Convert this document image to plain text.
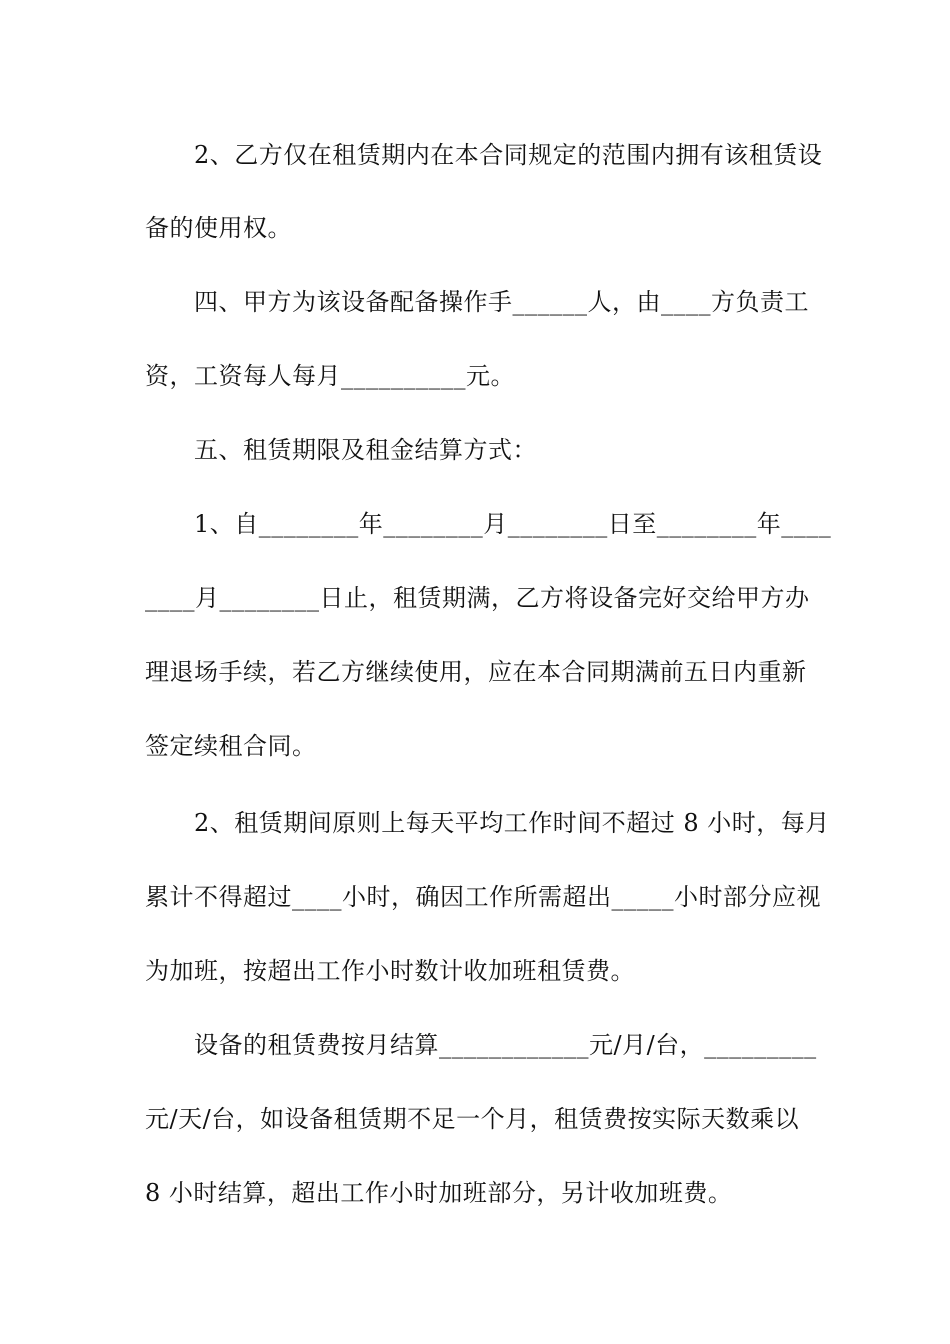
2、乙方仅在租赁期内在本合同规定的范围内拥有该租赁设
备的使用权。
四、甲方为该设备配备操作手______人，由____方负责工
资，工资每人每月__________元。
五、租赁期限及租金结算方式：
1、自________年________月________日至________年____
____月________日止，租赁期满，乙方将设备完好交给甲方办
理退场手续，若乙方继续使用，应在本合同期满前五日内重新
签定续租合同。
2、租赁期间原则上每天平均工作时间不超过 8 小时，每月
累计不得超过____小时，确因工作所需超出_____小时部分应视
为加班，按超出工作小时数计收加班租赁费。
设备的租赁费按月结算____________元/月/台，_________
元/天/台，如设备租赁期不足一个月，租赁费按实际天数乘以
8 小时结算，超出工作小时加班部分，另计收加班费。
